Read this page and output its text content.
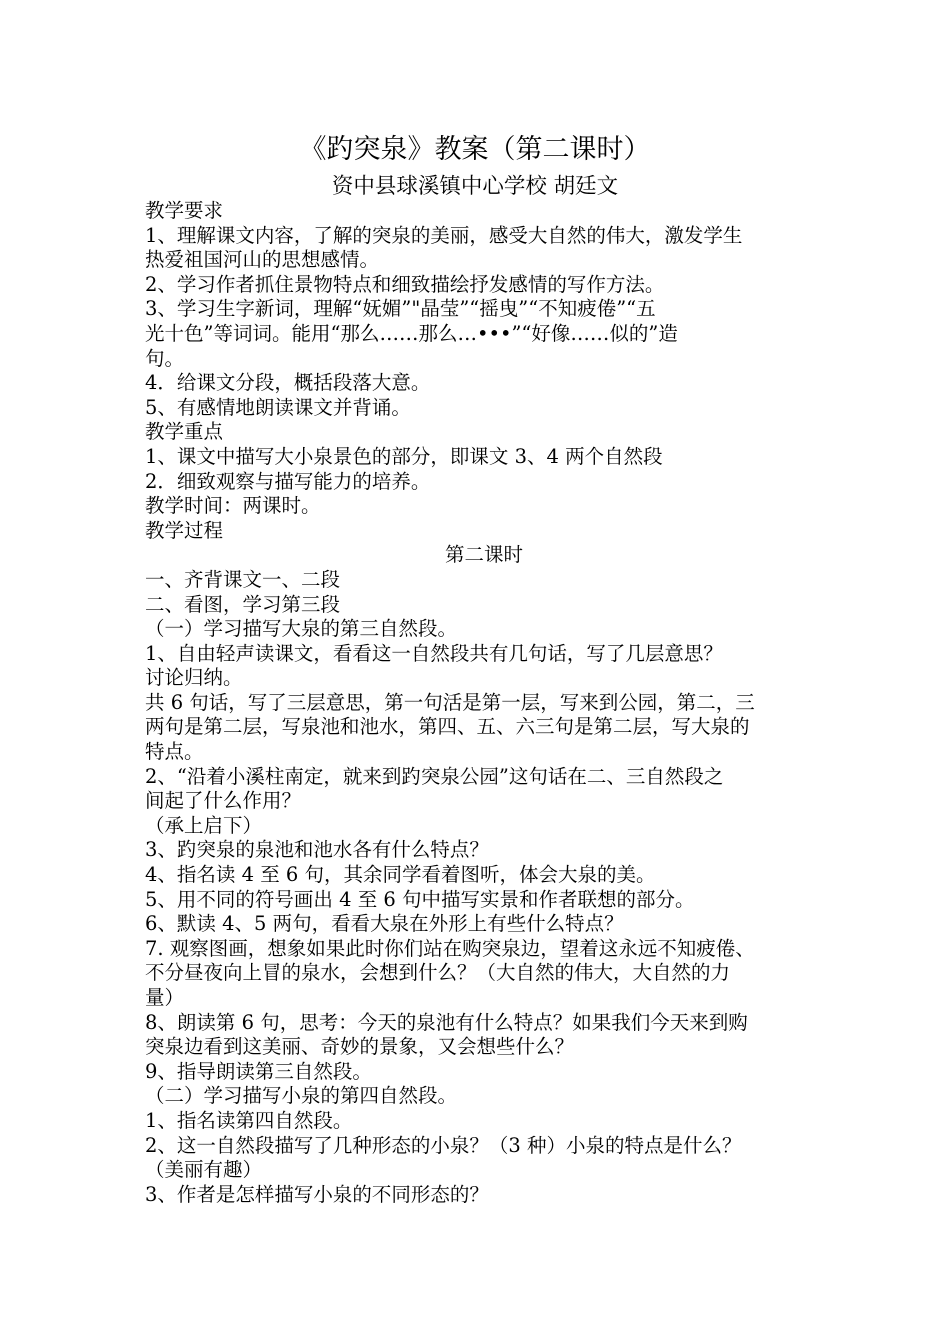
《趵突泉》教案（第二课时）
资中县球溪镇中心学校 胡廷文
教学要求
1、理解课文内容，了解的突泉的美丽，感受大自然的伟大，激发学生
热爱祖国河山的思想感情。
2、学习作者抓住景物特点和细致描绘抒发感情的写作方法。
3、学习生字新词，理解“妩媚”"晶莹”“摇曳”“不知疲倦”“五
光十色”等词词。能用“那么……那么…•••”“好像……似的”造
句。
4．给课文分段，概括段落大意。
5、有感情地朗读课文并背诵。
教学重点
1、课文中描写大小泉景色的部分，即课文 3、4 两个自然段
2．细致观察与描写能力的培养。
教学时间：两课时。
教学过程
第二课时
一、齐背课文一、二段
二、看图，学习第三段
（一）学习描写大泉的第三自然段。
1、自由轻声读课文，看看这一自然段共有几句话，写了几层意思？
讨论归纳。
共 6 句话，写了三层意思，第一句活是第一层，写来到公园，第二，三
两句是第二层，写泉池和池水，第四、五、六三句是第二层，写大泉的
特点。
2、“沿着小溪柱南定，就来到趵突泉公园”这句话在二、三自然段之
间起了什么作用？
（承上启下）
3、趵突泉的泉池和池水各有什么特点？
4、指名读 4 至 6 句，其余同学看着图听，体会大泉的美。
5、用不同的符号画出 4 至 6 句中描写实景和作者联想的部分。
6、默读 4、5 两句，看看大泉在外形上有些什么特点？
7. 观察图画，想象如果此时你们站在购突泉边，望着这永远不知疲倦、
不分昼夜向上冒的泉水，会想到什么？（大自然的伟大，大自然的力
量）
8、朗读第 6 句，思考：今天的泉池有什么特点？如果我们今天来到购
突泉边看到这美丽、奇妙的景象，又会想些什么？
9、指导朗读第三自然段。
（二）学习描写小泉的第四自然段。
1、指名读第四自然段。
2、这一自然段描写了几种形态的小泉？（3 种）小泉的特点是什么？
（美丽有趣）
3、作者是怎样描写小泉的不同形态的？
